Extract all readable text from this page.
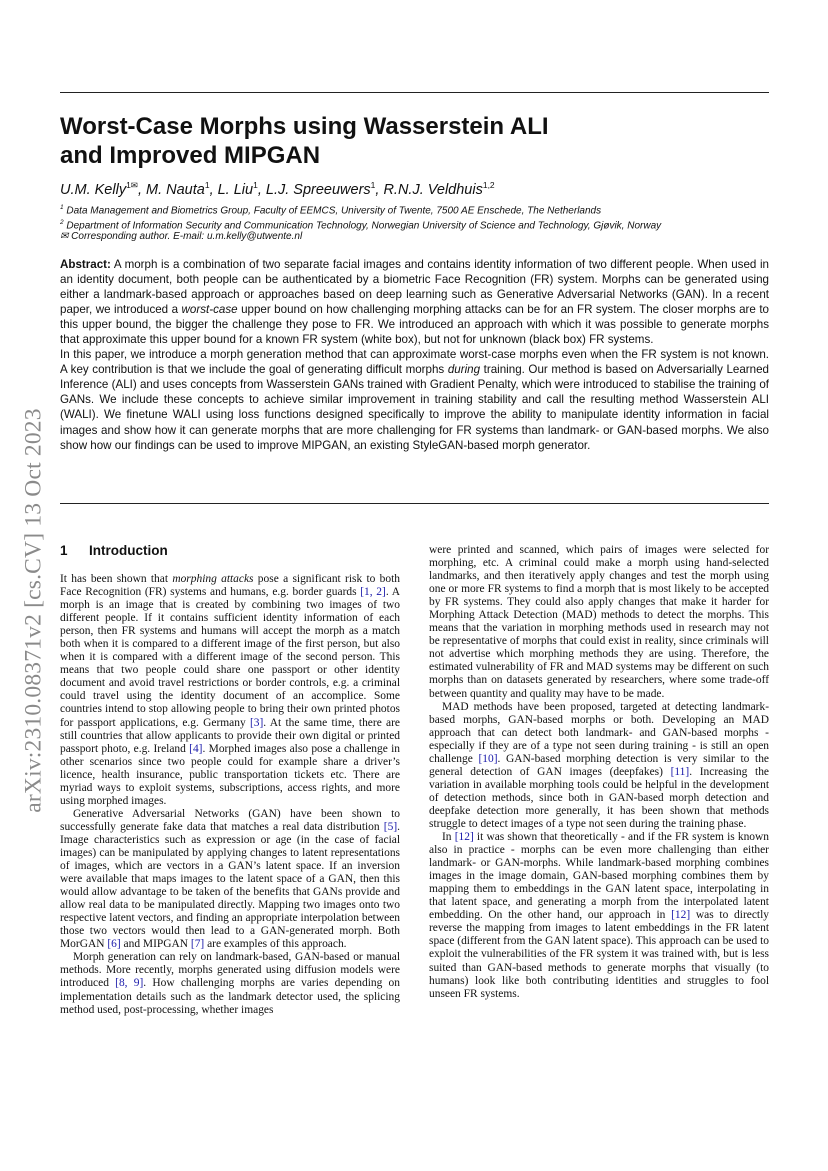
Worst-Case Morphs using Wasserstein ALI
and Improved MIPGAN

U.M. Kelly$^{1✉}$, M. Nauta$^1$, L. Liu$^1$, L.J. Spreeuwers$^1$, R.N.J. Veldhuis$^{1,2}$

$^1$ Data Management and Biometrics Group, Faculty of EEMCS, University of Twente, 7500 AE Enschede, The Netherlands

$^2$ Department of Information Security and Communication Technology, Norwegian University of Science and Technology, Gjøvik, Norway

✉ Corresponding author. E-mail: u.m.kelly@utwente.nl

Abstract: A morph is a combination of two separate facial images and contains identity information of two different people. When used in an identity document, both people can be authenticated by a biometric Face Recognition (FR) system. Morphs can be generated using either a landmark-based approach or approaches based on deep learning such as Generative Adversarial Networks (GAN). In a recent paper, we introduced a worst-case upper bound on how challenging morphing attacks can be for an FR system. The closer morphs are to this upper bound, the bigger the challenge they pose to FR. We introduced an approach with which it was possible to generate morphs that approximate this upper bound for a known FR system (white box), but not for unknown (black box) FR systems.

In this paper, we introduce a morph generation method that can approximate worst-case morphs even when the FR system is not known. A key contribution is that we include the goal of generating difficult morphs during training. Our method is based on Adversarially Learned Inference (ALI) and uses concepts from Wasserstein GANs trained with Gradient Penalty, which were introduced to stabilise the training of GANs. We include these concepts to achieve similar improvement in training stability and call the resulting method Wasserstein ALI (WALI). We finetune WALI using loss functions designed specifically to improve the ability to manipulate identity information in facial images and show how it can generate morphs that are more challenging for FR systems than landmark- or GAN-based morphs. We also show how our findings can be used to improve MIPGAN, an existing StyleGAN-based morph generator.

arXiv:2310.08371v2 [cs.CV] 13 Oct 2023 1 Introduction

It has been shown that morphing attacks pose a significant risk to both Face Recognition (FR) systems and humans, e.g. border guards [1, 2]. A morph is an image that is created by combining two images of two different people. If it contains sufficient identity information of each person, then FR systems and humans will accept the morph as a match both when it is compared to a different image of the first person, but also when it is compared with a different image of the second person. This means that two people could share one passport or other identity document and avoid travel restrictions or border controls, e.g. a criminal could travel using the identity document of an accomplice. Some countries intend to stop allowing people to bring their own printed photos for passport applications, e.g. Germany [3]. At the same time, there are still countries that allow applicants to provide their own digital or printed passport photo, e.g. Ireland [4]. Morphed images also pose a challenge in other scenarios since two people could for example share a driver’s licence, health insurance, public transportation tickets etc. There are myriad ways to exploit systems, subscriptions, access rights, and more using morphed images.

Generative Adversarial Networks (GAN) have been shown to successfully generate fake data that matches a real data distribution [5]. Image characteristics such as expression or age (in the case of facial images) can be manipulated by applying changes to latent representations of images, which are vectors in a GAN’s latent space. If an inversion were available that maps images to the latent space of a GAN, then this would allow advantage to be taken of the benefits that GANs provide and allow real data to be manipulated directly. Mapping two images onto two respective latent vectors, and finding an appropriate interpolation between those two vectors would then lead to a GAN-generated morph. Both MorGAN [6] and MIPGAN [7] are examples of this approach.

Morph generation can rely on landmark-based, GAN-based or manual methods. More recently, morphs generated using diffusion models were introduced [8, 9]. How challenging morphs are varies depending on implementation details such as the landmark detector used, the splicing method used, post-processing, whether images

were printed and scanned, which pairs of images were selected for morphing, etc. A criminal could make a morph using hand-selected landmarks, and then iteratively apply changes and test the morph using one or more FR systems to find a morph that is most likely to be accepted by FR systems. They could also apply changes that make it harder for Morphing Attack Detection (MAD) methods to detect the morphs. This means that the variation in morphing methods used in research may not be representative of morphs that could exist in reality, since criminals will not advertise which morphing methods they are using. Therefore, the estimated vulnerability of FR and MAD systems may be different on such morphs than on datasets generated by researchers, where some trade-off between quantity and quality may have to be made.

MAD methods have been proposed, targeted at detecting landmark-based morphs, GAN-based morphs or both. Developing an MAD approach that can detect both landmark- and GAN-based morphs - especially if they are of a type not seen during training - is still an open challenge [10]. GAN-based morphing detection is very similar to the general detection of GAN images (deepfakes) [11]. Increasing the variation in available morphing tools could be helpful in the development of detection methods, since both in GAN-based morph detection and deepfake detection more generally, it has been shown that methods struggle to detect images of a type not seen during the training phase.

In [12] it was shown that theoretically - and if the FR system is known also in practice - morphs can be even more challenging than either landmark- or GAN-morphs. While landmark-based morphing combines images in the image domain, GAN-based morphing combines them by mapping them to embeddings in the GAN latent space, interpolating in that latent space, and generating a morph from the interpolated latent embedding. On the other hand, our approach in [12] was to directly reverse the mapping from images to latent embeddings in the FR latent space (different from the GAN latent space). This approach can be used to exploit the vulnerabilities of the FR system it was trained with, but is less suited than GAN-based methods to generate morphs that visually (to humans) look like both contributing identities and struggles to fool unseen FR systems.
